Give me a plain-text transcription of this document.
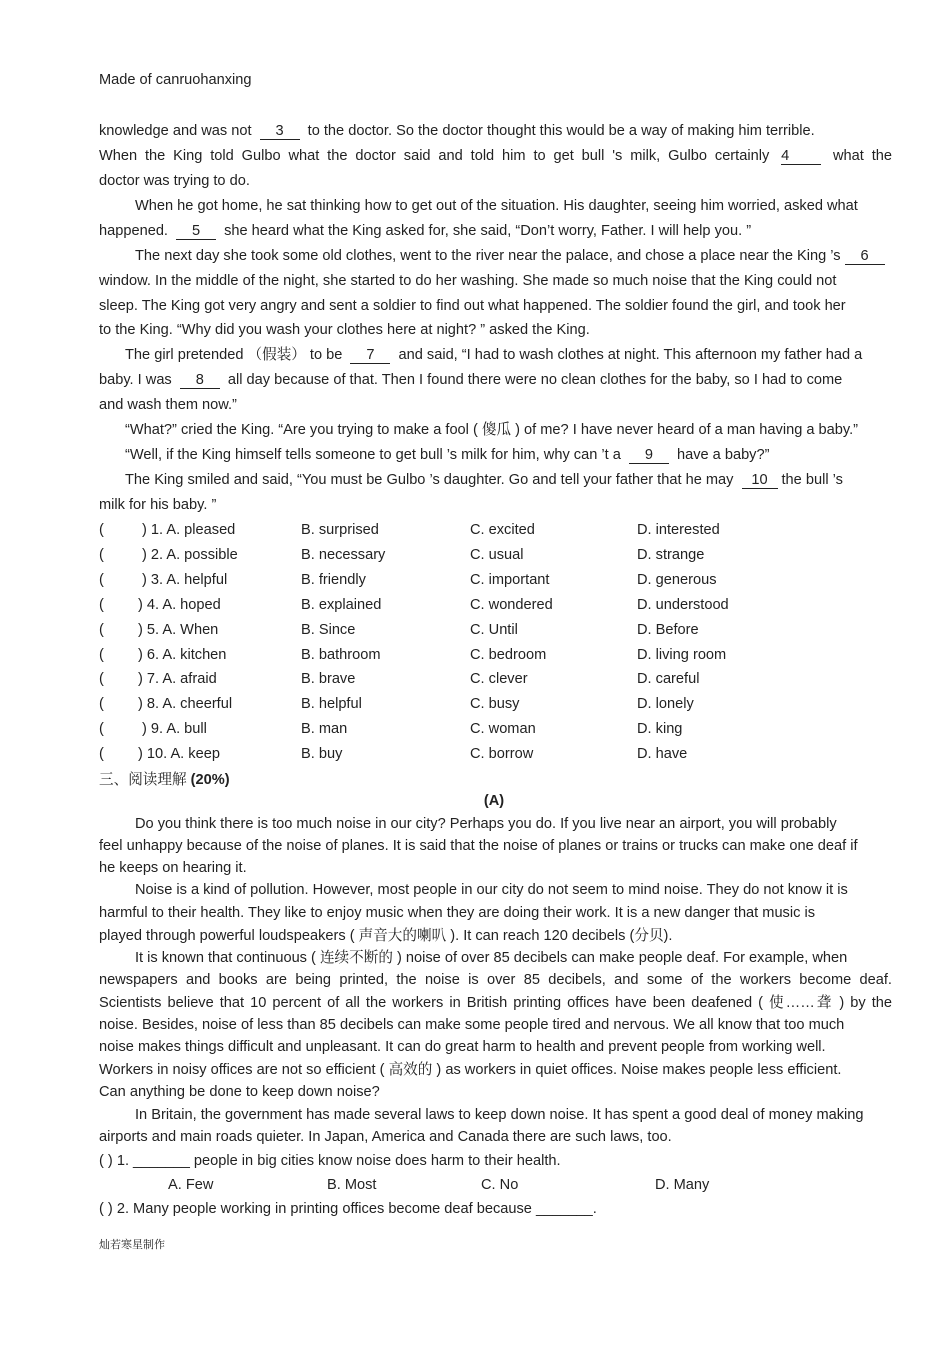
Made of canruohanxing
knowledge and was not 3 to the doctor. So the doctor thought this would be a way of making him terrible.
When the King told Gulbo what the doctor said and told him to get bull 's milk, Gulbo certainly 4 what the
doctor was trying to do.
When he got home, he sat thinking how to get out of the situation. His daughter, seeing him worried, asked what
happened. 5 she heard what the King asked for, she said, “Don’t worry, Father. I will help you. ”
The next day she took some old clothes, went to the river near the palace, and chose a place near the King ’s 6
window. In the middle of the night, she started to do her washing. She made so much noise that the King could not
sleep. The King got very angry and sent a soldier to find out what happened. The soldier found the girl, and took her
to the King. “Why did you wash your clothes here at night? ” asked the King.
The girl pretended （假装） to be 7 and said, “I had to wash clothes at night. This afternoon my father had a
baby. I was 8 all day because of that. Then I found there were no clean clothes for the baby, so I had to come
and wash them now.”
“What?” cried the King. “Are you trying to make a fool ( 傻瓜 ) of me? I have never heard of a man having a baby.”
“Well, if the King himself tells someone to get bull ’s milk for him, why can ’t a 9 have a baby?”
The King smiled and said, “You must be Gulbo ’s daughter. Go and tell your father that he may 10 the bull ’s
milk for his baby. ”
(	) 1. A. pleased	B. surprised	C. excited	D. interested
(	) 2. A. possible	B. necessary	C. usual	D. strange
(	) 3. A. helpful	B. friendly	C. important	D. generous
( ) 4. A. hoped	B. explained	C. wondered	D. understood
( ) 5. A. When	B. Since	C. Until	D. Before
( ) 6. A. kitchen	B. bathroom	C. bedroom	D. living room
( ) 7. A. afraid	B. brave	C. clever	D. careful
( ) 8. A. cheerful	B. helpful	C. busy	D. lonely
(	) 9. A. bull	B. man	C. woman	D. king
( ) 10. A. keep	B. buy	C. borrow	D. have
三、阅读理解 (20%)
(A)
Do you think there is too much noise in our city? Perhaps you do. If you live near an airport, you will probably
feel unhappy because of the noise of planes. It is said that the noise of planes or trains or trucks can make one deaf if
he keeps on hearing it.
Noise is a kind of pollution. However, most people in our city do not seem to mind noise. They do not know it is
harmful to their health. They like to enjoy music when they are doing their work. It is a new danger that music is
played through powerful loudspeakers ( 声音大的喇叭 ). It can reach 120 decibels (分贝).
It is known that continuous ( 连续不断的 ) noise of over 85 decibels can make people deaf. For example, when
newspapers and books are being printed, the noise is over 85 decibels, and some of the workers become deaf.
Scientists believe that 10 percent of all the workers in British printing offices have been deafened ( 使……聋 ) by the
noise. Besides, noise of less than 85 decibels can make some people tired and nervous. We all know that too much
noise makes things difficult and unpleasant. It can do great harm to health and prevent people from working well.
Workers in noisy offices are not so efficient ( 高效的 ) as workers in quiet offices. Noise makes people less efficient.
Can anything be done to keep down noise?
In Britain, the government has made several laws to keep down noise. It has spent a good deal of money making
airports and main roads quieter. In Japan, America and Canada there are such laws, too.
( ) 1. _______ people in big cities know noise does harm to their health.
A. Few	B. Most	C. No	D. Many
( ) 2. Many people working in printing offices become deaf because _______.
灿若寒星制作
